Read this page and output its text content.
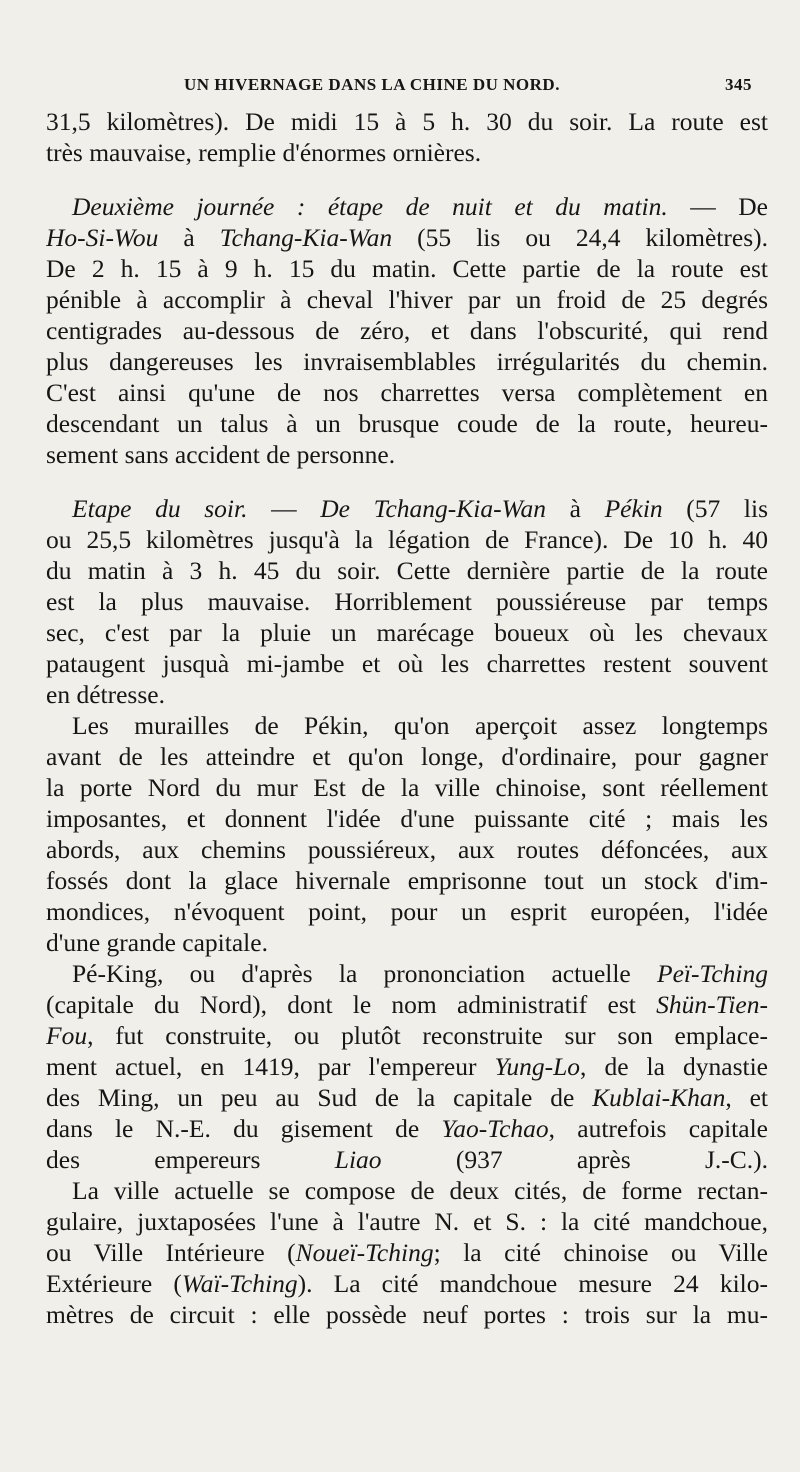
UN HIVERNAGE DANS LA CHINE DU NORD.	345
31,5 kilomètres). De midi 15 à 5 h. 30 du soir. La route est
très mauvaise, remplie d'énormes ornières.
Deuxième journée : étape de nuit et du matin. — De
Ho-Si-Wou à Tchang-Kia-Wan (55 lis ou 24,4 kilomètres).
De 2 h. 15 à 9 h. 15 du matin. Cette partie de la route est
pénible à accomplir à cheval l'hiver par un froid de 25 degrés
centigrades au-dessous de zéro, et dans l'obscurité, qui rend
plus dangereuses les invraisemblables irrégularités du chemin.
C'est ainsi qu'une de nos charrettes versa complètement en
descendant un talus à un brusque coude de la route, heureu-
sement sans accident de personne.
Etape du soir. — De Tchang-Kia-Wan à Pékin (57 lis
ou 25,5 kilomètres jusqu'à la légation de France). De 10 h. 40
du matin à 3 h. 45 du soir. Cette dernière partie de la route
est la plus mauvaise. Horriblement poussiéreuse par temps
sec, c'est par la pluie un marécage boueux où les chevaux
pataugent jusquà mi-jambe et où les charrettes restent souvent
en détresse.
Les murailles de Pékin, qu'on aperçoit assez longtemps
avant de les atteindre et qu'on longe, d'ordinaire, pour gagner
la porte Nord du mur Est de la ville chinoise, sont réellement
imposantes, et donnent l'idée d'une puissante cité ; mais les
abords, aux chemins poussiéreux, aux routes défoncées, aux
fossés dont la glace hivernale emprisonne tout un stock d'im-
mondices, n'évoquent point, pour un esprit européen, l'idée
d'une grande capitale.
Pé-King, ou d'après la prononciation actuelle Peï-Tching
(capitale du Nord), dont le nom administratif est Shün-Tien-
Fou, fut construite, ou plutôt reconstruite sur son emplace-
ment actuel, en 1419, par l'empereur Yung-Lo, de la dynastie
des Ming, un peu au Sud de la capitale de Kublai-Khan, et
dans le N.-E. du gisement de Yao-Tchao, autrefois capitale
des empereurs Liao (937 après J.-C.).
La ville actuelle se compose de deux cités, de forme rectan-
gulaire, juxtaposées l'une à l'autre N. et S. : la cité mandchoue,
ou Ville Intérieure (Noueï-Tching; la cité chinoise ou Ville
Extérieure (Waï-Tching). La cité mandchoue mesure 24 kilo-
mètres de circuit : elle possède neuf portes : trois sur la mu-
